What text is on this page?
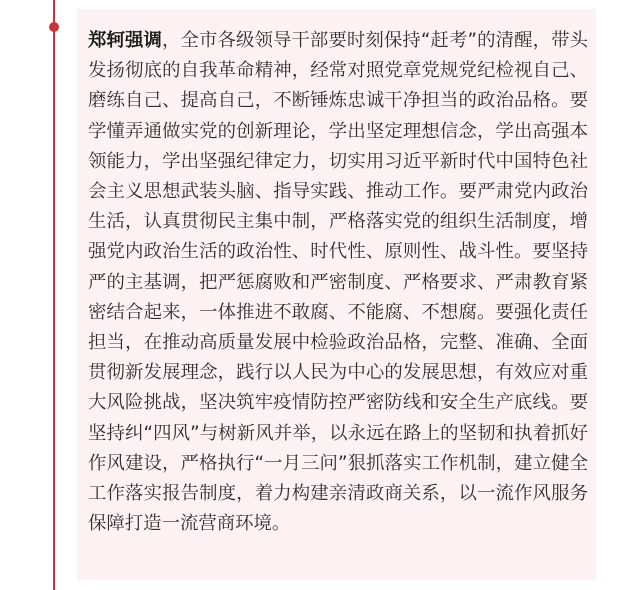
郑轲强调，全市各级领导干部要时刻保持“赶考”的清醒，带头发扬彻底的自我革命精神，经常对照党章党规党纪检视自己、磨练自己、提高自己，不断锤炼忠诚干净担当的政治品格。要学懂弄通做实党的创新理论，学出坚定理想信念，学出高强本领能力，学出坚强纪律定力，切实用习近平新时代中国特色社会主义思想武装头脑、指导实践、推动工作。要严肃党内政治生活，认真贯彻民主集中制，严格落实党的组织生活制度，增强党内政治生活的政治性、时代性、原则性、战斗性。要坚持严的主基调，把严惩腐败和严密制度、严格要求、严肃教育紧密结合起来，一体推进不敢腐、不能腐、不想腐。要强化责任担当，在推动高质量发展中检验政治品格，完整、准确、全面贯彻新发展理念，践行以人民为中心的发展思想，有效应对重大风险挑战，坚决筑牢疫情防控严密防线和安全生产底线。要坚持纠“四风”与树新风并举，以永远在路上的坚韧和执着抓好作风建设，严格执行“一月三问”狠抓落实工作机制，建立健全工作落实报告制度，着力构建亲清政商关系，以一流作风服务保障打造一流营商环境。
